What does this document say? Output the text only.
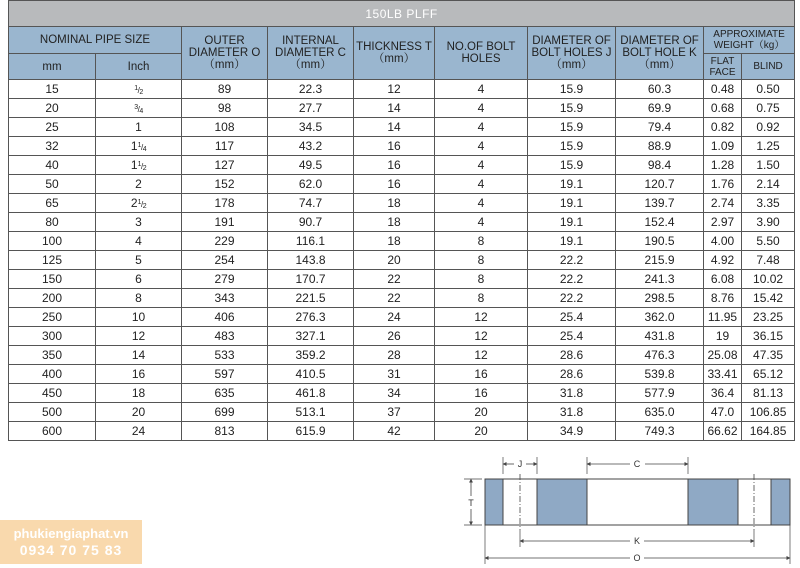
150LB PLFF									
NOMINAL PIPE SIZE		OUTER DIAMETER O（mm）	INTERNAL DIAMETER C（mm）	THICKNESS T（mm）	NO.OF BOLT HOLES	DIAMETER OF BOLT HOLES J （mm）	DIAMETER OF BOLT HOLE K （mm）	APPROXIMATE WEIGHT（kg）	
mm	Inch							FLAT FACE	BLIND
15	$^1/_2$	89	22.3	12	4	15.9	60.3	0.48	0.50
20	$^3/_4$	98	27.7	14	4	15.9	69.9	0.68	0.75
25	1	108	34.5	14	4	15.9	79.4	0.82	0.92
32	$1^1/_4$	117	43.2	16	4	15.9	88.9	1.09	1.25
40	$1^1/_2$	127	49.5	16	4	15.9	98.4	1.28	1.50
50	2	152	62.0	16	4	19.1	120.7	1.76	2.14
65	$2^1/_2$	178	74.7	18	4	19.1	139.7	2.74	3.35
80	3	191	90.7	18	4	19.1	152.4	2.97	3.90
100	4	229	116.1	18	8	19.1	190.5	4.00	5.50
125	5	254	143.8	20	8	22.2	215.9	4.92	7.48
150	6	279	170.7	22	8	22.2	241.3	6.08	10.02
200	8	343	221.5	22	8	22.2	298.5	8.76	15.42
250	10	406	276.3	24	12	25.4	362.0	11.95	23.25
300	12	483	327.1	26	12	25.4	431.8	19	36.15
350	14	533	359.2	28	12	28.6	476.3	25.08	47.35
400	16	597	410.5	31	16	28.6	539.8	33.41	65.12
450	18	635	461.8	34	16	31.8	577.9	36.4	81.13
500	20	699	513.1	37	20	31.8	635.0	47.0	106.85
600	24	813	615.9	42	20	34.9	749.3	66.62	164.85
phukiengiaphat.vn
0934 70 75 83
J	C
T
K
O
